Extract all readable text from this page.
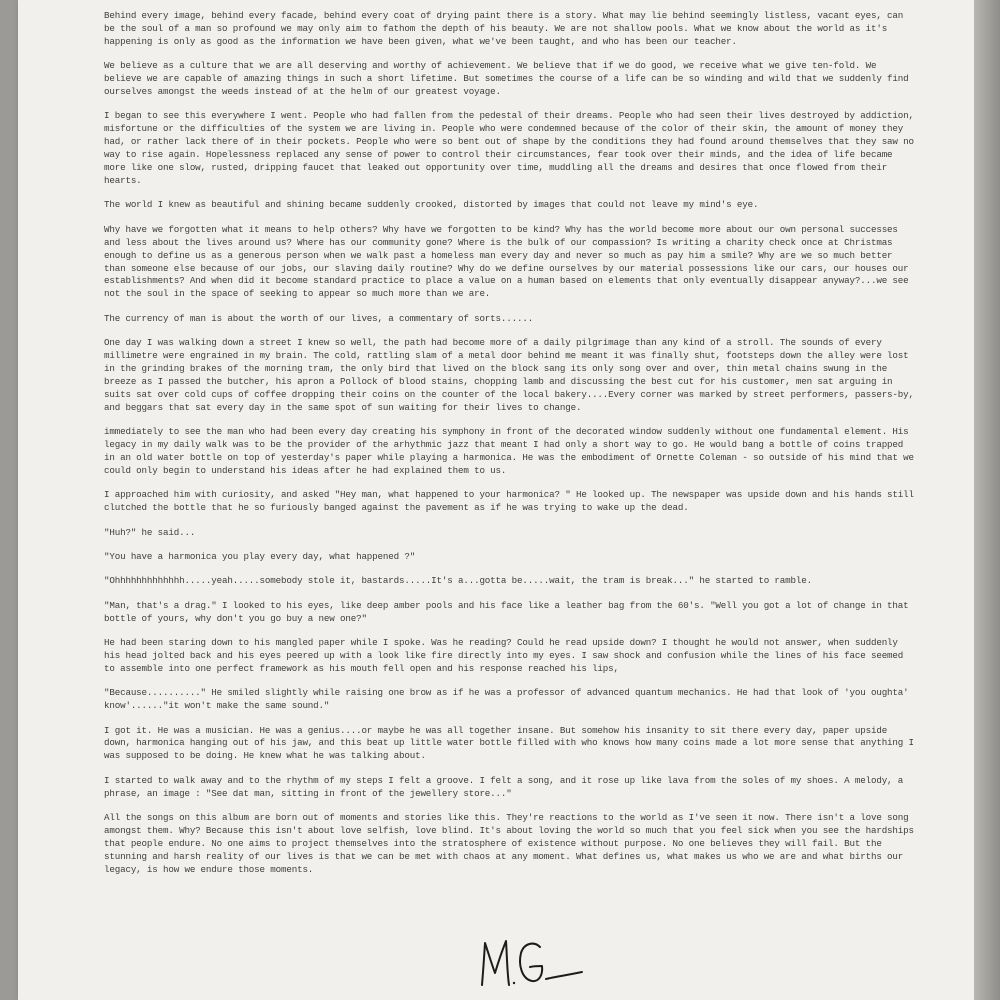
Behind every image, behind every facade, behind every coat of drying paint there is a story. What may lie behind seemingly listless, vacant eyes, can be the soul of a man so profound we may only aim to fathom the depth of his beauty. We are not shallow pools. What we know about the world as it's happening is only as good as the information we have been given, what we've been taught, and who has been our teacher.

We believe as a culture that we are all deserving and worthy of achievement. We believe that if we do good, we receive what we give ten-fold. We believe we are capable of amazing things in such a short lifetime. But sometimes the course of a life can be so winding and wild that we suddenly find ourselves amongst the weeds instead of at the helm of our greatest voyage.

I began to see this everywhere I went. People who had fallen from the pedestal of their dreams. People who had seen their lives destroyed by addiction, misfortune or the difficulties of the system we are living in. People who were condemned because of the color of their skin, the amount of money they had, or rather lack there of in their pockets. People who were so bent out of shape by the conditions they had found around themselves that they saw no way to rise again. Hopelessness replaced any sense of power to control their circumstances, fear took over their minds, and the idea of life became more like one slow, rusted, dripping faucet that leaked out opportunity over time, muddling all the dreams and desires that once flowed from their hearts.

The world I knew as beautiful and shining became suddenly crooked, distorted by images that could not leave my mind's eye.

Why have we forgotten what it means to help others? Why have we forgotten to be kind? Why has the world become more about our own personal successes and less about the lives around us? Where has our community gone? Where is the bulk of our compassion? Is writing a charity check once at Christmas enough to define us as a generous person when we walk past a homeless man every day and never so much as pay him a smile? Why are we so much better than someone else because of our jobs, our slaving daily routine? Why do we define ourselves by our material possessions like our cars, our houses our establishments? And when did it become standard practice to place a value on a human based on elements that only eventually disappear anyway?...we see not the soul in the space of seeking to appear so much more than we are.

The currency of man is about the worth of our lives, a commentary of sorts......

One day I was walking down a street I knew so well, the path had become more of a daily pilgrimage than any kind of a stroll. The sounds of every millimetre were engrained in my brain. The cold, rattling slam of a metal door behind me meant it was finally shut, footsteps down the alley were lost in the grinding brakes of the morning tram, the only bird that lived on the block sang its only song over and over, thin metal chains swung in the breeze as I passed the butcher, his apron a Pollock of blood stains, chopping lamb and discussing the best cut for his customer, men sat arguing in suits sat over cold cups of coffee dropping their coins on the counter of the local bakery....Every corner was marked by street performers, passers-by, and beggars that sat every day in the same spot of sun waiting for their lives to change.

immediately to see the man who had been every day creating his symphony in front of the decorated window suddenly without one fundamental element. His legacy in my daily walk was to be the provider of the arhythmic jazz that meant I had only a short way to go. He would bang a bottle of coins trapped in an old water bottle on top of yesterday's paper while playing a harmonica. He was the embodiment of Ornette Coleman - so outside of his mind that we could only begin to understand his ideas after he had explained them to us.

I approached him with curiosity, and asked "Hey man, what happened to your harmonica? " He looked up. The newspaper was upside down and his hands still clutched the bottle that he so furiously banged against the pavement as if he was trying to wake up the dead.

"Huh?" he said...

"You have a harmonica you play every day, what happened ?"

"Ohhhhhhhhhhhhh.....yeah.....somebody stole it, bastards.....It's a...gotta be.....wait, the tram is break..." he started to ramble.

"Man, that's a drag." I looked to his eyes, like deep amber pools and his face like a leather bag from the 60's. "Well you got a lot of change in that bottle of yours, why don't you go buy a new one?"

He had been staring down to his mangled paper while I spoke. Was he reading? Could he read upside down? I thought he would not answer, when suddenly his head jolted back and his eyes peered up with a look like fire directly into my eyes. I saw shock and confusion while the lines of his face seemed to assemble into one perfect framework as his mouth fell open and his response reached his lips,

"Because.........." He smiled slightly while raising one brow as if he was a professor of advanced quantum mechanics. He had that look of 'you oughta' know'......"it won't make the same sound."

I got it. He was a musician. He was a genius....or maybe he was all together insane. But somehow his insanity to sit there every day, paper upside down, harmonica hanging out of his jaw, and this beat up little water bottle filled with who knows how many coins made a lot more sense that anything I was supposed to be doing. He knew what he was talking about.

I started to walk away and to the rhythm of my steps I felt a groove. I felt a song, and it rose up like lava from the soles of my shoes. A melody, a phrase, an image : "See dat man, sitting in front of the jewellery store..."

All the songs on this album are born out of moments and stories like this. They're reactions to the world as I've seen it now. There isn't a love song amongst them. Why? Because this isn't about love selfish, love blind. It's about loving the world so much that you feel sick when you see the hardships that people endure. No one aims to project themselves into the stratosphere of existence without purpose. No one believes they will fail. But the stunning and harsh reality of our lives is that we can be met with chaos at any moment. What defines us, what makes us who we are and what births our legacy, is how we endure those moments.
